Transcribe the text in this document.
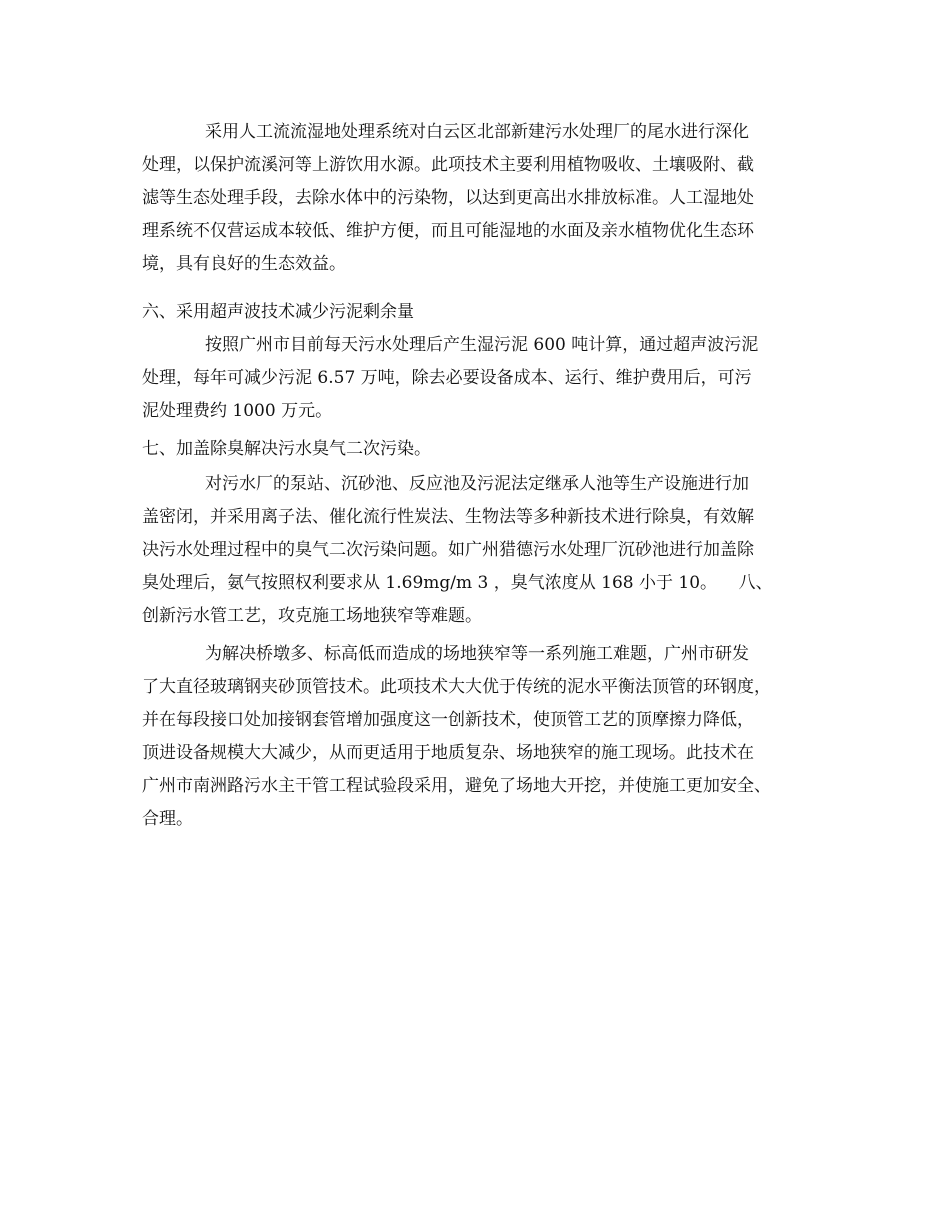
采用人工流流湿地处理系统对白云区北部新建污水处理厂的尾水进行深化
处理，以保护流溪河等上游饮用水源。此项技术主要利用植物吸收、土壤吸附、截
滤等生态处理手段，去除水体中的污染物，以达到更高出水排放标准。人工湿地处
理系统不仅营运成本较低、维护方便，而且可能湿地的水面及亲水植物优化生态环
境，具有良好的生态效益。
六、采用超声波技术减少污泥剩余量
按照广州市目前每天污水处理后产生湿污泥 600 吨计算，通过超声波污泥
处理，每年可减少污泥 6.57 万吨，除去必要设备成本、运行、维护费用后，可污
泥处理费约 1000 万元。
七、加盖除臭解决污水臭气二次污染。
对污水厂的泵站、沉砂池、反应池及污泥法定继承人池等生产设施进行加
盖密闭，并采用离子法、催化流行性炭法、生物法等多种新技术进行除臭，有效解
决污水处理过程中的臭气二次污染问题。如广州猎德污水处理厂沉砂池进行加盖除
臭处理后，氨气按照权利要求从 1.69mg/m 3 ，臭气浓度从 168 小于 10。    八、
创新污水管工艺，攻克施工场地狭窄等难题。
为解决桥墩多、标高低而造成的场地狭窄等一系列施工难题，广州市研发
了大直径玻璃钢夹砂顶管技术。此项技术大大优于传统的泥水平衡法顶管的环钢度，
并在每段接口处加接钢套管增加强度这一创新技术，使顶管工艺的顶摩擦力降低，
顶进设备规模大大减少，从而更适用于地质复杂、场地狭窄的施工现场。此技术在
广州市南洲路污水主干管工程试验段采用，避免了场地大开挖，并使施工更加安全、
合理。
